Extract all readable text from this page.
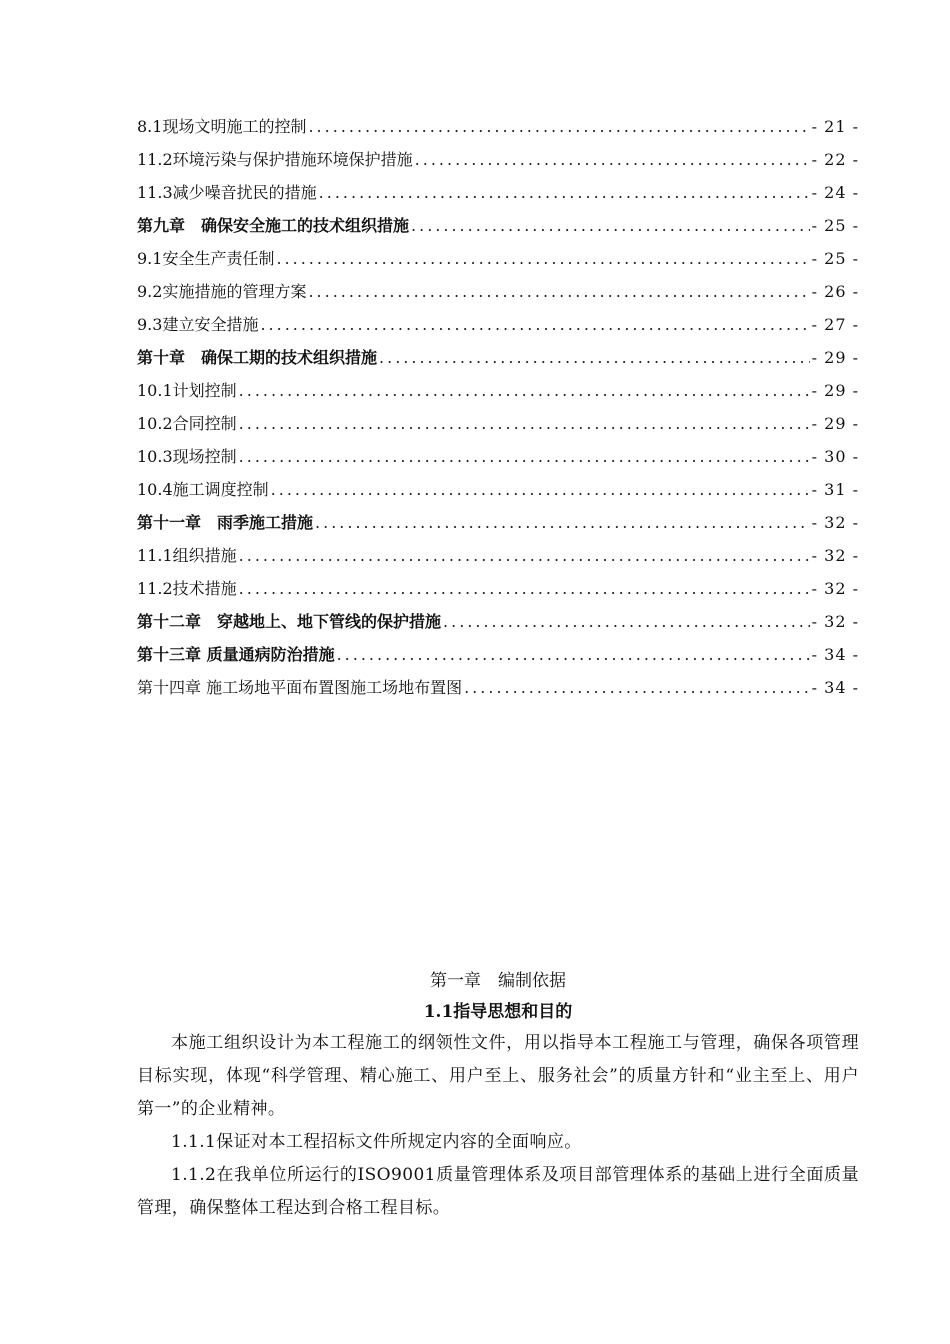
8.1现场文明施工的控制 .....	- 21 -
11.2环境污染与保护措施环境保护措施 .....	- 22 -
11.3减少噪音扰民的措施 .....	- 24 -
第九章　确保安全施工的技术组织措施 .....	- 25 -
9.1安全生产责任制 .....	- 25 -
9.2实施措施的管理方案 .....	- 26 -
9.3建立安全措施 .....	- 27 -
第十章　确保工期的技术组织措施 .....	- 29 -
10.1计划控制 .....	- 29 -
10.2合同控制 .....	- 29 -
10.3现场控制 .....	- 30 -
10.4施工调度控制 .....	- 31 -
第十一章　雨季施工措施 .....	- 32 -
11.1组织措施 .....	- 32 -
11.2技术措施 .....	- 32 -
第十二章　穿越地上、地下管线的保护措施 .....	- 32 -
第十三章 质量通病防治措施 .....	- 34 -
第十四章 施工场地平面布置图施工场地布置图 .....	- 34 -
第一章　编制依据
1.1指导思想和目的

本施工组织设计为本工程施工的纲领性文件，用以指导本工程施工与管理，确保各项管理目标实现，体现“科学管理、精心施工、用户至上、服务社会”的质量方针和“业主至上、用户第一”的企业精神。

1.1.1保证对本工程招标文件所规定内容的全面响应。

1.1.2在我单位所运行的ISO9001质量管理体系及项目部管理体系的基础上进行全面质量管理，确保整体工程达到合格工程目标。
